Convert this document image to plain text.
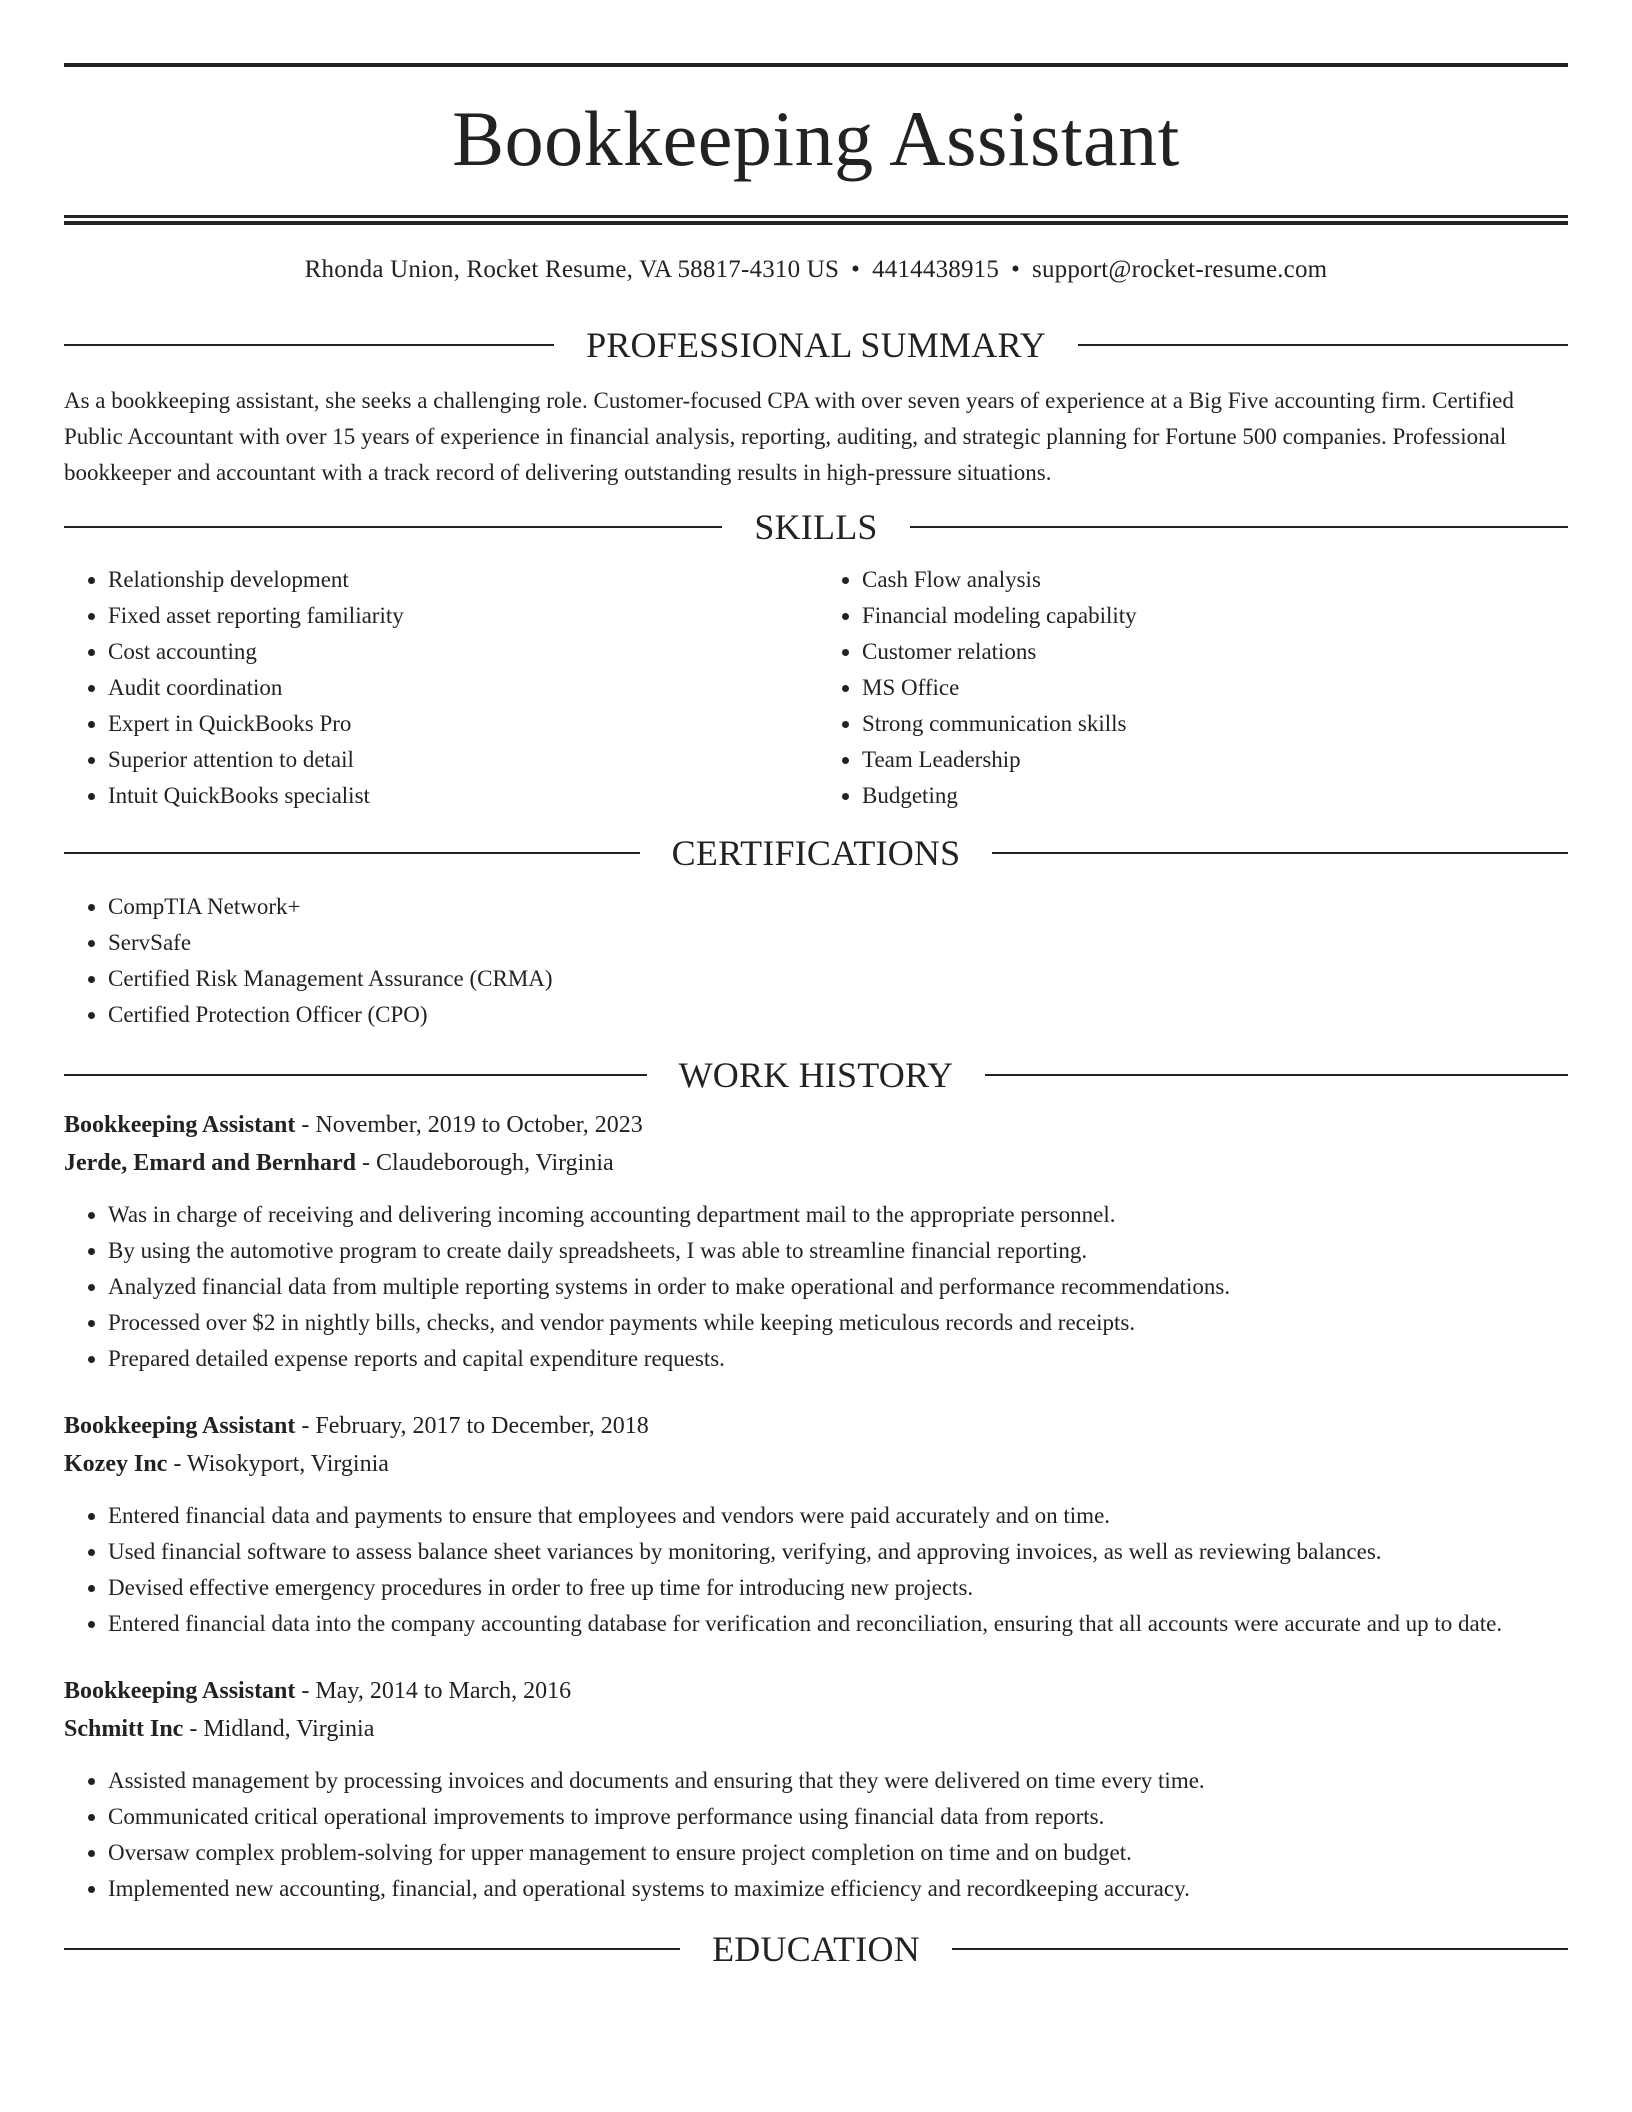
Bookkeeping Assistant
Rhonda Union, Rocket Resume, VA 58817-4310 US • 4414438915 • support@rocket-resume.com
PROFESSIONAL SUMMARY

As a bookkeeping assistant, she seeks a challenging role. Customer-focused CPA with over seven years of experience at a Big Five accounting firm. Certified Public Accountant with over 15 years of experience in financial analysis, reporting, auditing, and strategic planning for Fortune 500 companies. Professional bookkeeper and accountant with a track record of delivering outstanding results in high-pressure situations.

SKILLS
• Relationship development
• Fixed asset reporting familiarity
• Cost accounting
• Audit coordination
• Expert in QuickBooks Pro
• Superior attention to detail
• Intuit QuickBooks specialist
• Cash Flow analysis
• Financial modeling capability
• Customer relations
• MS Office
• Strong communication skills
• Team Leadership
• Budgeting
CERTIFICATIONS
• CompTIA Network+
• ServSafe
• Certified Risk Management Assurance (CRMA)
• Certified Protection Officer (CPO)
WORK HISTORY
Bookkeeping Assistant - November, 2019 to October, 2023
Jerde, Emard and Bernhard - Claudeborough, Virginia
• Was in charge of receiving and delivering incoming accounting department mail to the appropriate personnel.
• By using the automotive program to create daily spreadsheets, I was able to streamline financial reporting.
• Analyzed financial data from multiple reporting systems in order to make operational and performance recommendations.
• Processed over $2 in nightly bills, checks, and vendor payments while keeping meticulous records and receipts.
• Prepared detailed expense reports and capital expenditure requests.
Bookkeeping Assistant - February, 2017 to December, 2018
Kozey Inc - Wisokyport, Virginia
• Entered financial data and payments to ensure that employees and vendors were paid accurately and on time.
• Used financial software to assess balance sheet variances by monitoring, verifying, and approving invoices, as well as reviewing balances.
• Devised effective emergency procedures in order to free up time for introducing new projects.
• Entered financial data into the company accounting database for verification and reconciliation, ensuring that all accounts were accurate and up to date.
Bookkeeping Assistant - May, 2014 to March, 2016
Schmitt Inc - Midland, Virginia
• Assisted management by processing invoices and documents and ensuring that they were delivered on time every time.
• Communicated critical operational improvements to improve performance using financial data from reports.
• Oversaw complex problem-solving for upper management to ensure project completion on time and on budget.
• Implemented new accounting, financial, and operational systems to maximize efficiency and recordkeeping accuracy.
EDUCATION
